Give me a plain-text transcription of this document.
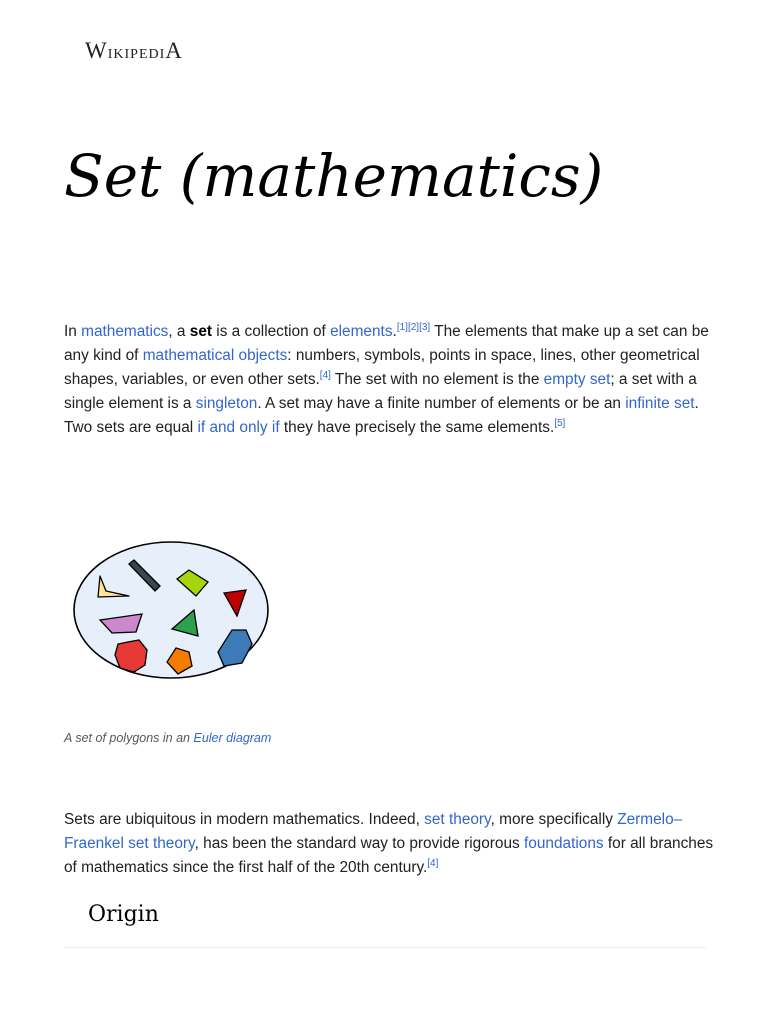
WikipediA
Set (mathematics)

In mathematics, a set is a collection of elements.[1][2][3] The elements that make up a set can be any kind of mathematical objects: numbers, symbols, points in space, lines, other geometrical shapes, variables, or even other sets.[4] The set with no element is the empty set; a set with a single element is a singleton. A set may have a finite number of elements or be an infinite set. Two sets are equal if and only if they have precisely the same elements.[5]

A set of polygons in an Euler diagram

Sets are ubiquitous in modern mathematics. Indeed, set theory, more specifically Zermelo–Fraenkel set theory, has been the standard way to provide rigorous foundations for all branches of mathematics since the first half of the 20th century.[4]

Origin
